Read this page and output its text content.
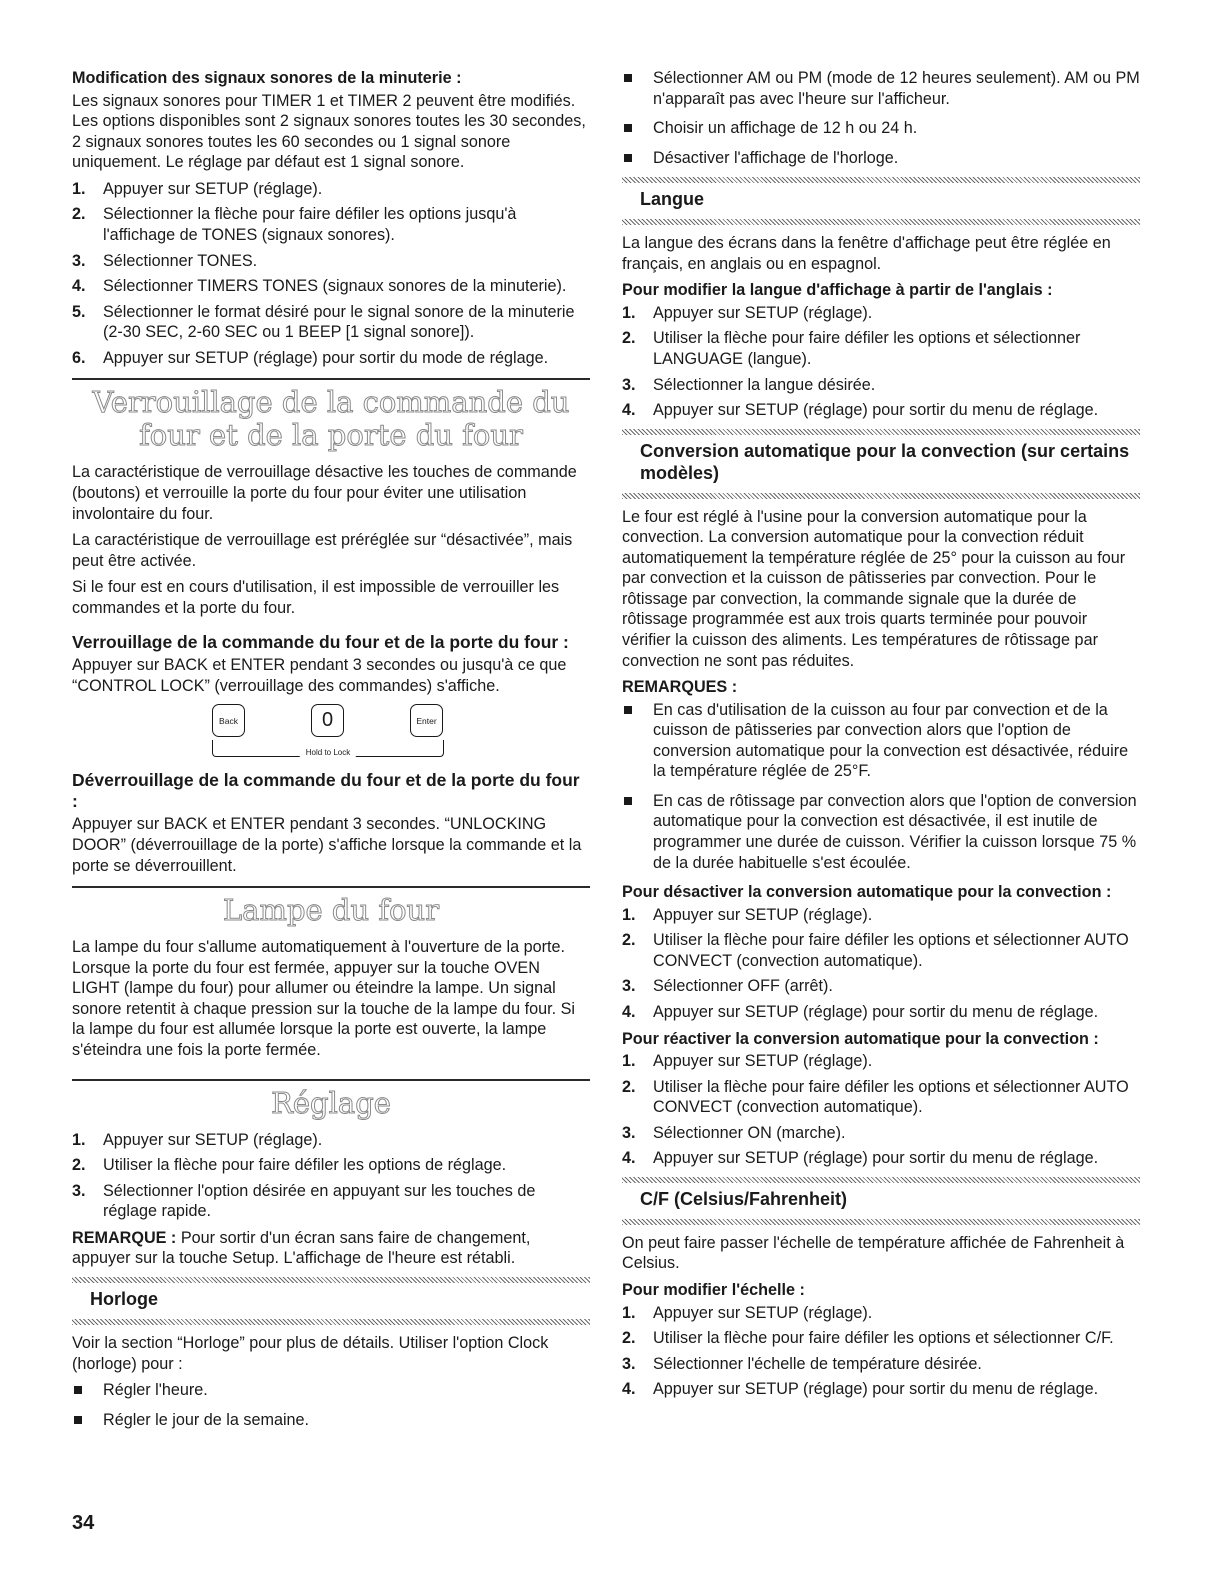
Modification des signaux sonores de la minuterie :

Les signaux sonores pour TIMER 1 et TIMER 2 peuvent être modifiés. Les options disponibles sont 2 signaux sonores toutes les 30 secondes, 2 signaux sonores toutes les 60 secondes ou 1 signal sonore uniquement. Le réglage par défaut est 1 signal sonore.

1. Appuyer sur SETUP (réglage).
2. Sélectionner la flèche pour faire défiler les options jusqu'à l'affichage de TONES (signaux sonores).
3. Sélectionner TONES.
4. Sélectionner TIMERS TONES (signaux sonores de la minuterie).
5. Sélectionner le format désiré pour le signal sonore de la minuterie (2-30 SEC, 2-60 SEC ou 1 BEEP [1 signal sonore]).
6. Appuyer sur SETUP (réglage) pour sortir du mode de réglage.
Verrouillage de la commande du four et de la porte du four

La caractéristique de verrouillage désactive les touches de commande (boutons) et verrouille la porte du four pour éviter une utilisation involontaire du four.

La caractéristique de verrouillage est préréglée sur “désactivée”, mais peut être activée.

Si le four est en cours d'utilisation, il est impossible de verrouiller les commandes et la porte du four.

Verrouillage de la commande du four et de la porte du four :

Appuyer sur BACK et ENTER pendant 3 secondes ou jusqu'à ce que “CONTROL LOCK” (verrouillage des commandes) s'affiche.

Back	0	Enter
Hold to Lock
Déverrouillage de la commande du four et de la porte du four :

Appuyer sur BACK et ENTER pendant 3 secondes. “UNLOCKING DOOR” (déverrouillage de la porte) s'affiche lorsque la commande et la porte se déverrouillent.

Lampe du four

La lampe du four s'allume automatiquement à l'ouverture de la porte. Lorsque la porte du four est fermée, appuyer sur la touche OVEN LIGHT (lampe du four) pour allumer ou éteindre la lampe. Un signal sonore retentit à chaque pression sur la touche de la lampe du four. Si la lampe du four est allumée lorsque la porte est ouverte, la lampe s'éteindra une fois la porte fermée.

Réglage
1. Appuyer sur SETUP (réglage).
2. Utiliser la flèche pour faire défiler les options de réglage.
3. Sélectionner l'option désirée en appuyant sur les touches de réglage rapide.

REMARQUE : Pour sortir d'un écran sans faire de changement, appuyer sur la touche Setup. L'affichage de l'heure est rétabli.

Horloge

Voir la section “Horloge” pour plus de détails. Utiliser l'option Clock (horloge) pour :

Régler l'heure.
Régler le jour de la semaine.
Sélectionner AM ou PM (mode de 12 heures seulement). AM ou PM n'apparaît pas avec l'heure sur l'afficheur.
Choisir un affichage de 12 h ou 24 h.
Désactiver l'affichage de l'horloge.
Langue

La langue des écrans dans la fenêtre d'affichage peut être réglée en français, en anglais ou en espagnol.

Pour modifier la langue d'affichage à partir de l'anglais :
1. Appuyer sur SETUP (réglage).
2. Utiliser la flèche pour faire défiler les options et sélectionner LANGUAGE (langue).
3. Sélectionner la langue désirée.
4. Appuyer sur SETUP (réglage) pour sortir du menu de réglage.
Conversion automatique pour la convection (sur certains modèles)

Le four est réglé à l'usine pour la conversion automatique pour la convection. La conversion automatique pour la convection réduit automatiquement la température réglée de 25° pour la cuisson au four par convection et la cuisson de pâtisseries par convection. Pour le rôtissage par convection, la commande signale que la durée de rôtissage programmée est aux trois quarts terminée pour pouvoir vérifier la cuisson des aliments. Les températures de rôtissage par convection ne sont pas réduites.

REMARQUES :
En cas d'utilisation de la cuisson au four par convection et de la cuisson de pâtisseries par convection alors que l'option de conversion automatique pour la convection est désactivée, réduire la température réglée de 25°F.
En cas de rôtissage par convection alors que l'option de conversion automatique pour la convection est désactivée, il est inutile de programmer une durée de cuisson. Vérifier la cuisson lorsque 75 % de la durée habituelle s'est écoulée.
Pour désactiver la conversion automatique pour la convection :
1. Appuyer sur SETUP (réglage).
2. Utiliser la flèche pour faire défiler les options et sélectionner AUTO CONVECT (convection automatique).
3. Sélectionner OFF (arrêt).
4. Appuyer sur SETUP (réglage) pour sortir du menu de réglage.
Pour réactiver la conversion automatique pour la convection :
1. Appuyer sur SETUP (réglage).
2. Utiliser la flèche pour faire défiler les options et sélectionner AUTO CONVECT (convection automatique).
3. Sélectionner ON (marche).
4. Appuyer sur SETUP (réglage) pour sortir du menu de réglage.
C/F (Celsius/Fahrenheit)

On peut faire passer l'échelle de température affichée de Fahrenheit à Celsius.

Pour modifier l'échelle :
1. Appuyer sur SETUP (réglage).
2. Utiliser la flèche pour faire défiler les options et sélectionner C/F.
3. Sélectionner l'échelle de température désirée.
4. Appuyer sur SETUP (réglage) pour sortir du menu de réglage.
34
